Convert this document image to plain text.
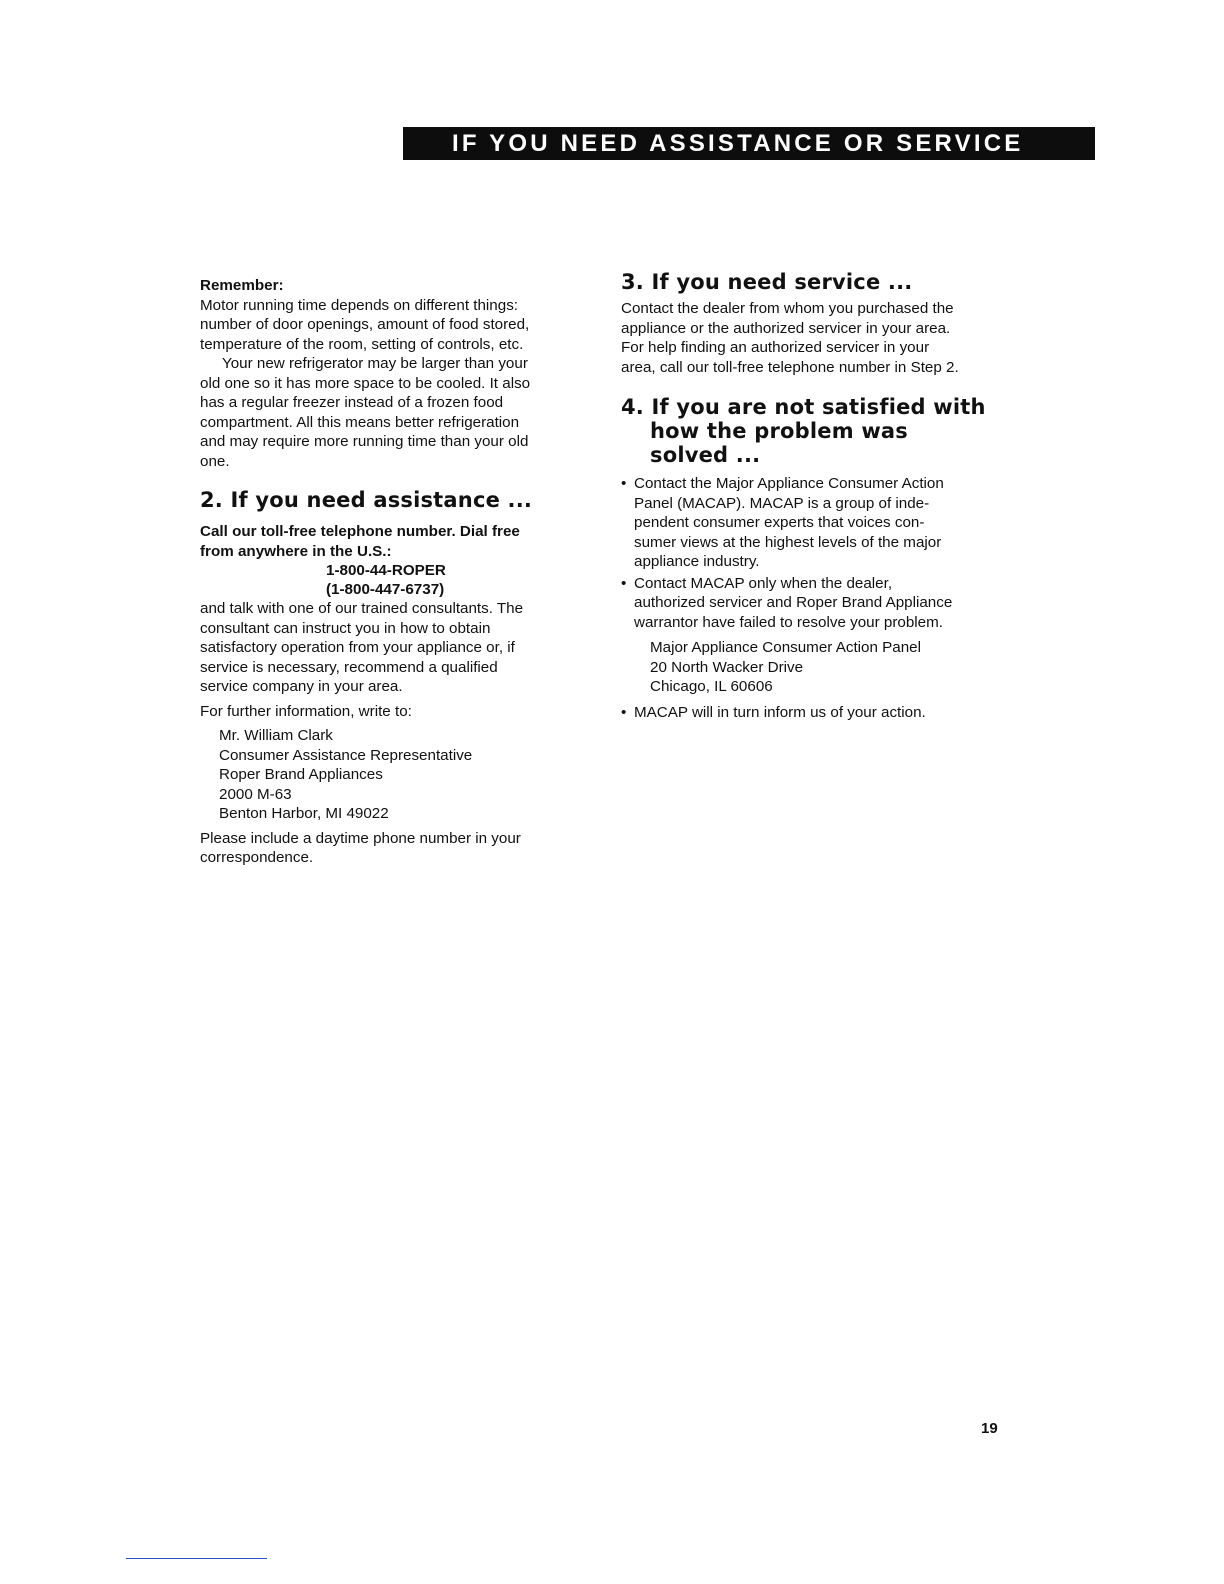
IF YOU NEED ASSISTANCE OR SERVICE

Remember:

Motor running time depends on different things:

number of door openings, amount of food stored,

temperature of the room, setting of controls, etc.

Your new refrigerator may be larger than your

old one so it has more space to be cooled. It also

has a regular freezer instead of a frozen food

compartment. All this means better refrigeration

and may require more running time than your old

one.

2. If you need assistance ...

Call our toll-free telephone number. Dial free

from anywhere in the U.S.:

1-800-44-ROPER

(1-800-447-6737)

and talk with one of our trained consultants. The

consultant can instruct you in how to obtain

satisfactory operation from your appliance or, if

service is necessary, recommend a qualified

service company in your area.

For further information, write to:

Mr. William Clark

Consumer Assistance Representative

Roper Brand Appliances

2000 M-63

Benton Harbor, MI 49022

Please include a daytime phone number in your

correspondence.

3. If you need service ...

Contact the dealer from whom you purchased the

appliance or the authorized servicer in your area.

For help finding an authorized servicer in your

area, call our toll-free telephone number in Step 2.

4. If you are not satisfied with
how the problem was
solved ...
• Contact the Major Appliance Consumer Action

Panel (MACAP). MACAP is a group of inde-

pendent consumer experts that voices con-

sumer views at the highest levels of the major

appliance industry.

• Contact MACAP only when the dealer,

authorized servicer and Roper Brand Appliance

warrantor have failed to resolve your problem.

Major Appliance Consumer Action Panel

20 North Wacker Drive

Chicago, IL 60606

• MACAP will in turn inform us of your action.

19
